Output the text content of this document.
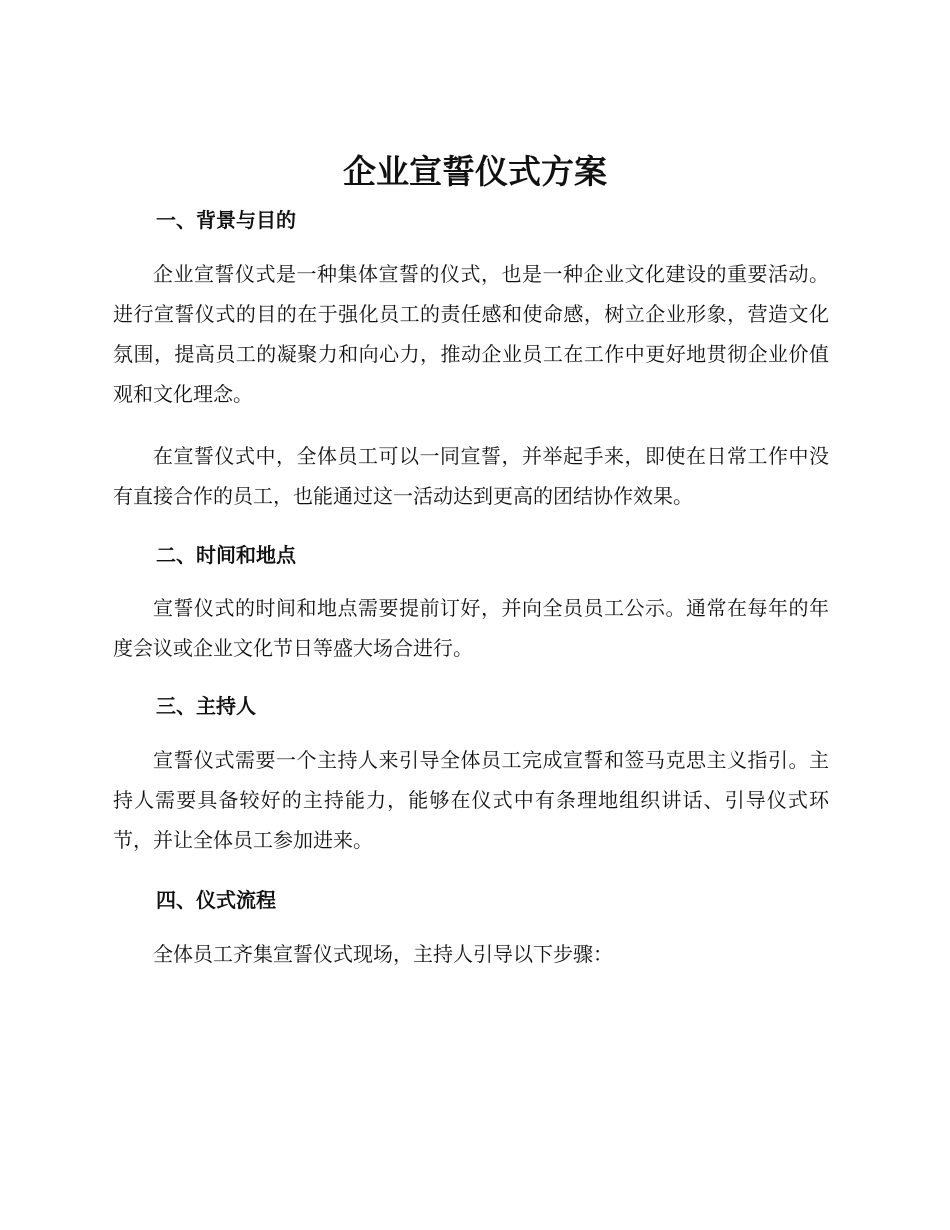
企业宣誓仪式方案
一、背景与目的

企业宣誓仪式是一种集体宣誓的仪式，也是一种企业文化建设的重要活动。进行宣誓仪式的目的在于强化员工的责任感和使命感，树立企业形象，营造文化氛围，提高员工的凝聚力和向心力，推动企业员工在工作中更好地贯彻企业价值观和文化理念。

在宣誓仪式中，全体员工可以一同宣誓，并举起手来，即使在日常工作中没有直接合作的员工，也能通过这一活动达到更高的团结协作效果。

二、时间和地点

宣誓仪式的时间和地点需要提前订好，并向全员员工公示。通常在每年的年度会议或企业文化节日等盛大场合进行。

三、主持人

宣誓仪式需要一个主持人来引导全体员工完成宣誓和签马克思主义指引。主持人需要具备较好的主持能力，能够在仪式中有条理地组织讲话、引导仪式环节，并让全体员工参加进来。

四、仪式流程

全体员工齐集宣誓仪式现场，主持人引导以下步骤：
